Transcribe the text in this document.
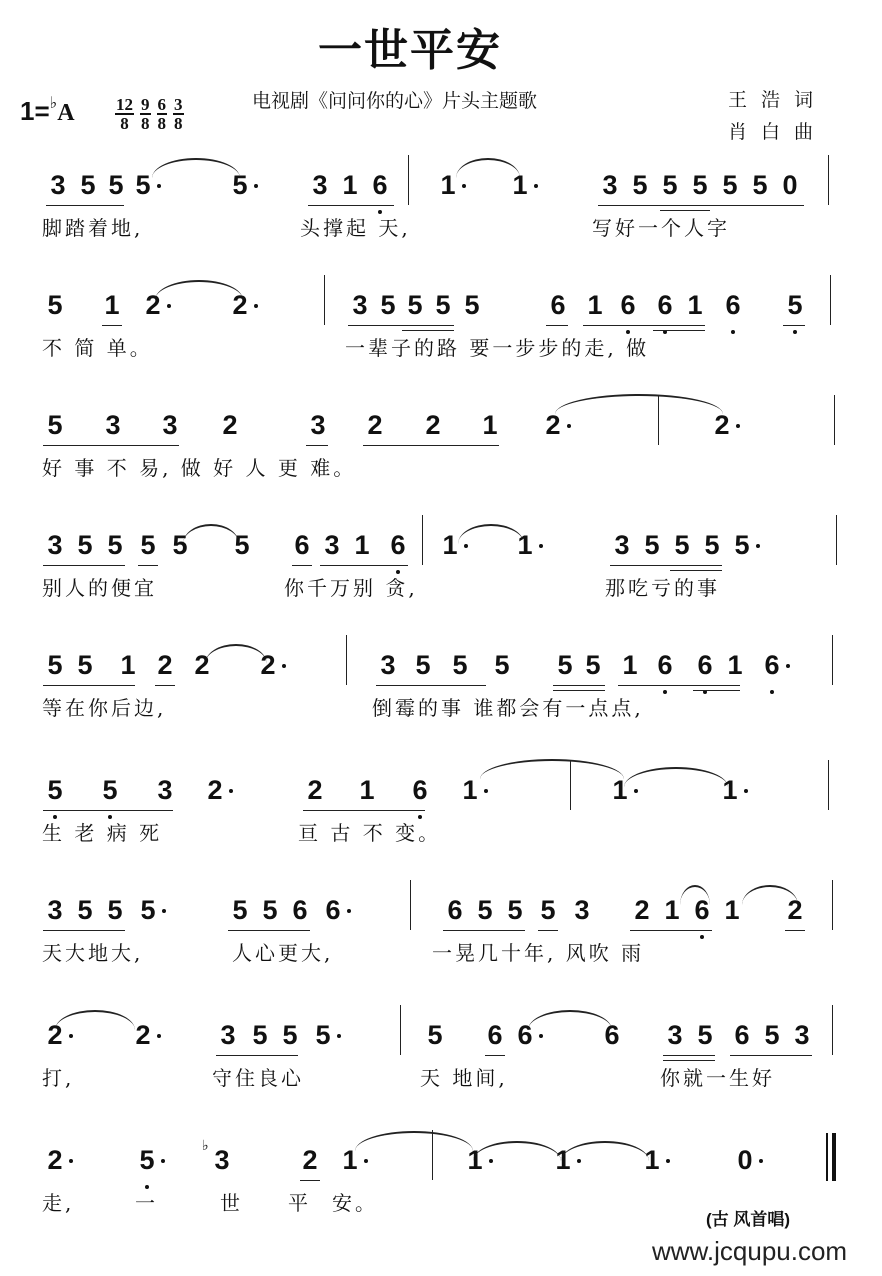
一世平安
$1=^♭A \frac{12}{8} \frac{9}{8} \frac{6}{8} \frac{3}{8}$	电视剧《问问你的心》片头主题歌	王浩词
肖白曲
3 5 5 5	5 3 1 6 1 1	3 5 5 5 5 5 0
脚踏着地,	头撑起 天,	写好一个人字
5 1 2	2	3 5 5 5 5	6 1 6 6 1 6 5
不 简 单。	一辈子的路 要一步步的走, 做
5 3 3 2	3 2 2 1 2	2
好 事 不 易, 做 好 人 更 难。
3 5 5 5 5 5 6 3 1 6 1 1	3 5 5 5 5
别人的便宜	你千万别 贪,	那吃亏的事
5 5 1 2 2 2	3 5 5 5 5 5 1 6 6 1 6
等在你后边,	倒霉的事 谁都会有一点点,
5 5 3 2	2 1 6 1	1	1
生 老 病 死	亘 古 不 变。
3 5 5 5	5 5 6 6	6 5 5 5 3 2 1 6 1 2
天大地大,	人心更大,	一晃几十年, 风吹 雨
2	2	3 5 5 5	5 6 6	6 3 5 6 5 3
打,	守住良心	天 地间,	你就一生好
2	5 3
♭	2 1	1	1	1	0
走,	一	世 平 安。
(古 风首唱)
www.jcqupu.com
